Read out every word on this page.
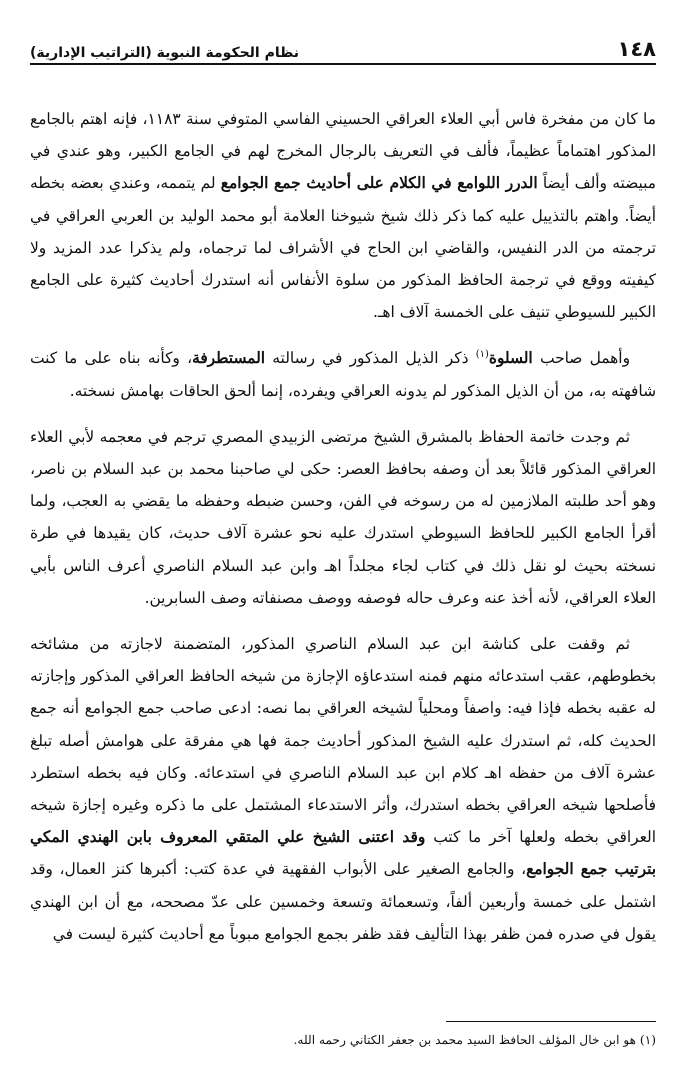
١٤٨
نظام الحكومة النبوية (التراتيب الإدارية)

ما كان من مفخرة فاس أبي العلاء العراقي الحسيني الفاسي المتوفي سنة ١١٨٣، فإنه اهتم بالجامع المذكور اهتماماً عظيماً، فألف في التعريف بالرجال المخرج لهم في الجامع الكبير، وهو عندي في مبيضته وألف أيضاً الدرر اللوامع في الكلام على أحاديث جمع الجوامع لم يتممه، وعندي بعضه بخطه أيضاً. واهتم بالتذييل عليه كما ذكر ذلك شيخ شيوخنا العلامة أبو محمد الوليد بن العربي العراقي في ترجمته من الدر النفيس، والقاضي ابن الحاج في الأشراف لما ترجماه، ولم يذكرا عدد المزيد ولا كيفيته ووقع في ترجمة الحافظ المذكور من سلوة الأنفاس أنه استدرك أحاديث كثيرة على الجامع الكبير للسيوطي تنيف على الخمسة آلاف اهـ.

وأهمل صاحب السلوة$^{(١)}$ ذكر الذيل المذكور في رسالته المستطرفة، وكأنه بناه على ما كنت شافهته به، من أن الذيل المذكور لم يدونه العراقي ويفرده، إنما ألحق الحاقات بهامش نسخته.

ثم وجدت خاتمة الحفاظ بالمشرق الشيخ مرتضى الزبيدي المصري ترجم في معجمه لأبي العلاء العراقي المذكور قائلاً بعد أن وصفه بحافظ العصر: حكى لي صاحبنا محمد بن عبد السلام بن ناصر، وهو أحد طلبته الملازمين له من رسوخه في الفن، وحسن ضبطه وحفظه ما يقضي به العجب، ولما أقرأ الجامع الكبير للحافظ السيوطي استدرك عليه نحو عشرة آلاف حديث، كان يقيدها في طرة نسخته بحيث لو نقل ذلك في كتاب لجاء مجلداً اهـ وابن عبد السلام الناصري أعرف الناس بأبي العلاء العراقي، لأنه أخذ عنه وعرف حاله فوصفه ووصف مصنفاته وصف السابرين.

ثم وقفت على كناشة ابن عبد السلام الناصري المذكور، المتضمنة لاجازته من مشائخه بخطوطهم، عقب استدعائه منهم فمنه استدعاؤه الإجازة من شيخه الحافظ العراقي المذكور وإجازته له عقبه بخطه فإذا فيه: واصفاً ومحلياً لشيخه العراقي بما نصه: ادعى صاحب جمع الجوامع أنه جمع الحديث كله، ثم استدرك عليه الشيخ المذكور أحاديث جمة فها هي مفرقة على هوامش أصله تبلغ عشرة آلاف من حفظه اهـ كلام ابن عبد السلام الناصري في استدعائه. وكان فيه بخطه استطرد فأصلحها شيخه العراقي بخطه استدرك، وأثر الاستدعاء المشتمل على ما ذكره وغيره إجازة شيخه العراقي بخطه ولعلها آخر ما كتب وقد اعتنى الشيخ علي المتقي المعروف بابن الهندي المكي بترتيب جمع الجوامع، والجامع الصغير على الأبواب الفقهية في عدة كتب: أكبرها كنز العمال، وقد اشتمل على خمسة وأربعين ألفاً، وتسعمائة وتسعة وخمسين على عدّ مصححه، مع أن ابن الهندي يقول في صدره فمن ظفر بهذا التأليف فقد ظفر بجمع الجوامع مبوباً مع أحاديث كثيرة ليست في

(١) هو ابن خال المؤلف الحافظ السيد محمد بن جعفر الكتاني رحمه الله.
